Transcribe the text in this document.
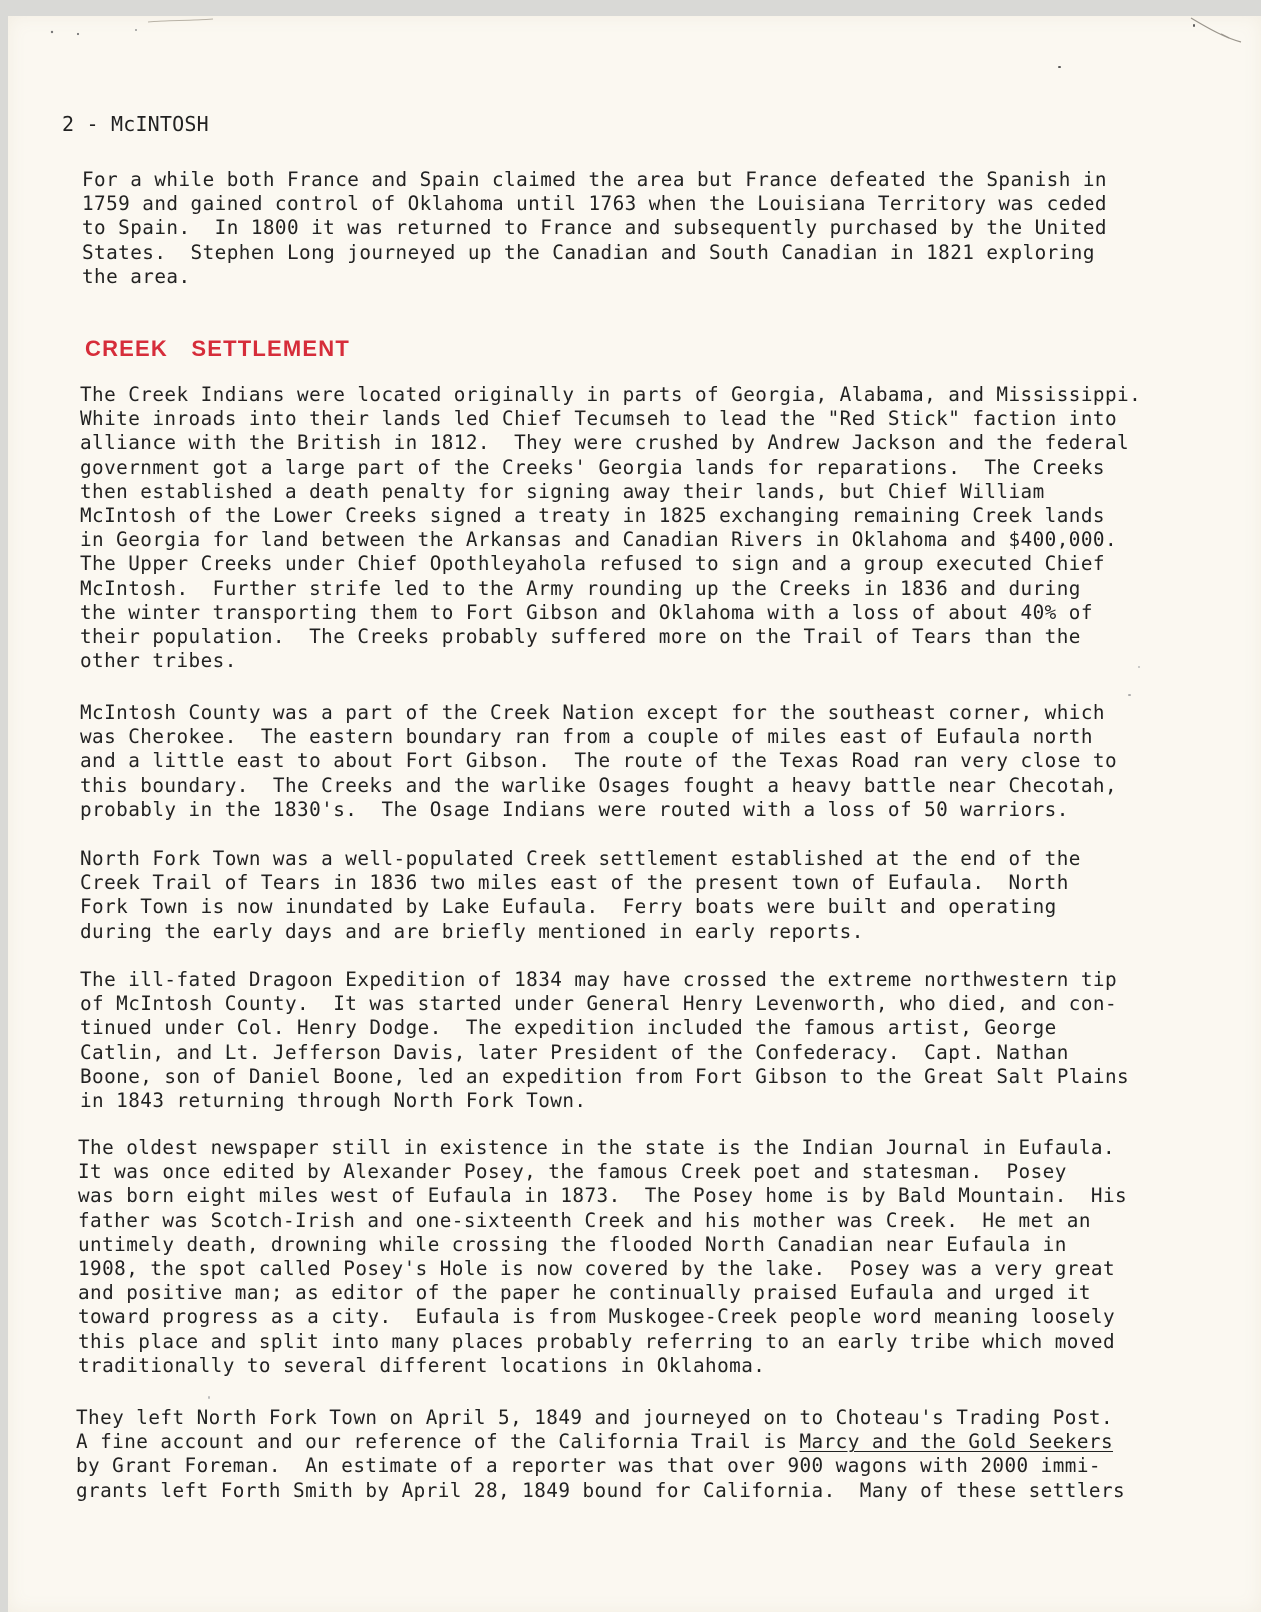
2 - McINTOSH

For a while both France and Spain claimed the area but France defeated the Spanish in
1759 and gained control of Oklahoma until 1763 when the Louisiana Territory was ceded
to Spain.  In 1800 it was returned to France and subsequently purchased by the United
States.  Stephen Long journeyed up the Canadian and South Canadian in 1821 exploring
the area.

CREEK SETTLEMENT

The Creek Indians were located originally in parts of Georgia, Alabama, and Mississippi.
White inroads into their lands led Chief Tecumseh to lead the "Red Stick" faction into
alliance with the British in 1812.  They were crushed by Andrew Jackson and the federal
government got a large part of the Creeks' Georgia lands for reparations.  The Creeks
then established a death penalty for signing away their lands, but Chief William
McIntosh of the Lower Creeks signed a treaty in 1825 exchanging remaining Creek lands
in Georgia for land between the Arkansas and Canadian Rivers in Oklahoma and $400,000.
The Upper Creeks under Chief Opothleyahola refused to sign and a group executed Chief
McIntosh.  Further strife led to the Army rounding up the Creeks in 1836 and during
the winter transporting them to Fort Gibson and Oklahoma with a loss of about 40% of
their population.  The Creeks probably suffered more on the Trail of Tears than the
other tribes.

McIntosh County was a part of the Creek Nation except for the southeast corner, which
was Cherokee.  The eastern boundary ran from a couple of miles east of Eufaula north
and a little east to about Fort Gibson.  The route of the Texas Road ran very close to
this boundary.  The Creeks and the warlike Osages fought a heavy battle near Checotah,
probably in the 1830's.  The Osage Indians were routed with a loss of 50 warriors.

North Fork Town was a well-populated Creek settlement established at the end of the
Creek Trail of Tears in 1836 two miles east of the present town of Eufaula.  North
Fork Town is now inundated by Lake Eufaula.  Ferry boats were built and operating
during the early days and are briefly mentioned in early reports.

The ill-fated Dragoon Expedition of 1834 may have crossed the extreme northwestern tip
of McIntosh County.  It was started under General Henry Levenworth, who died, and con-
tinued under Col. Henry Dodge.  The expedition included the famous artist, George
Catlin, and Lt. Jefferson Davis, later President of the Confederacy.  Capt. Nathan
Boone, son of Daniel Boone, led an expedition from Fort Gibson to the Great Salt Plains
in 1843 returning through North Fork Town.

The oldest newspaper still in existence in the state is the Indian Journal in Eufaula.
It was once edited by Alexander Posey, the famous Creek poet and statesman.  Posey
was born eight miles west of Eufaula in 1873.  The Posey home is by Bald Mountain.  His
father was Scotch-Irish and one-sixteenth Creek and his mother was Creek.  He met an
untimely death, drowning while crossing the flooded North Canadian near Eufaula in
1908, the spot called Posey's Hole is now covered by the lake.  Posey was a very great
and positive man; as editor of the paper he continually praised Eufaula and urged it
toward progress as a city.  Eufaula is from Muskogee-Creek people word meaning loosely
this place and split into many places probably referring to an early tribe which moved
traditionally to several different locations in Oklahoma.

They left North Fork Town on April 5, 1849 and journeyed on to Choteau's Trading Post.
A fine account and our reference of the California Trail is Marcy and the Gold Seekers
by Grant Foreman.  An estimate of a reporter was that over 900 wagons with 2000 immi-
grants left Forth Smith by April 28, 1849 bound for California.  Many of these settlers
